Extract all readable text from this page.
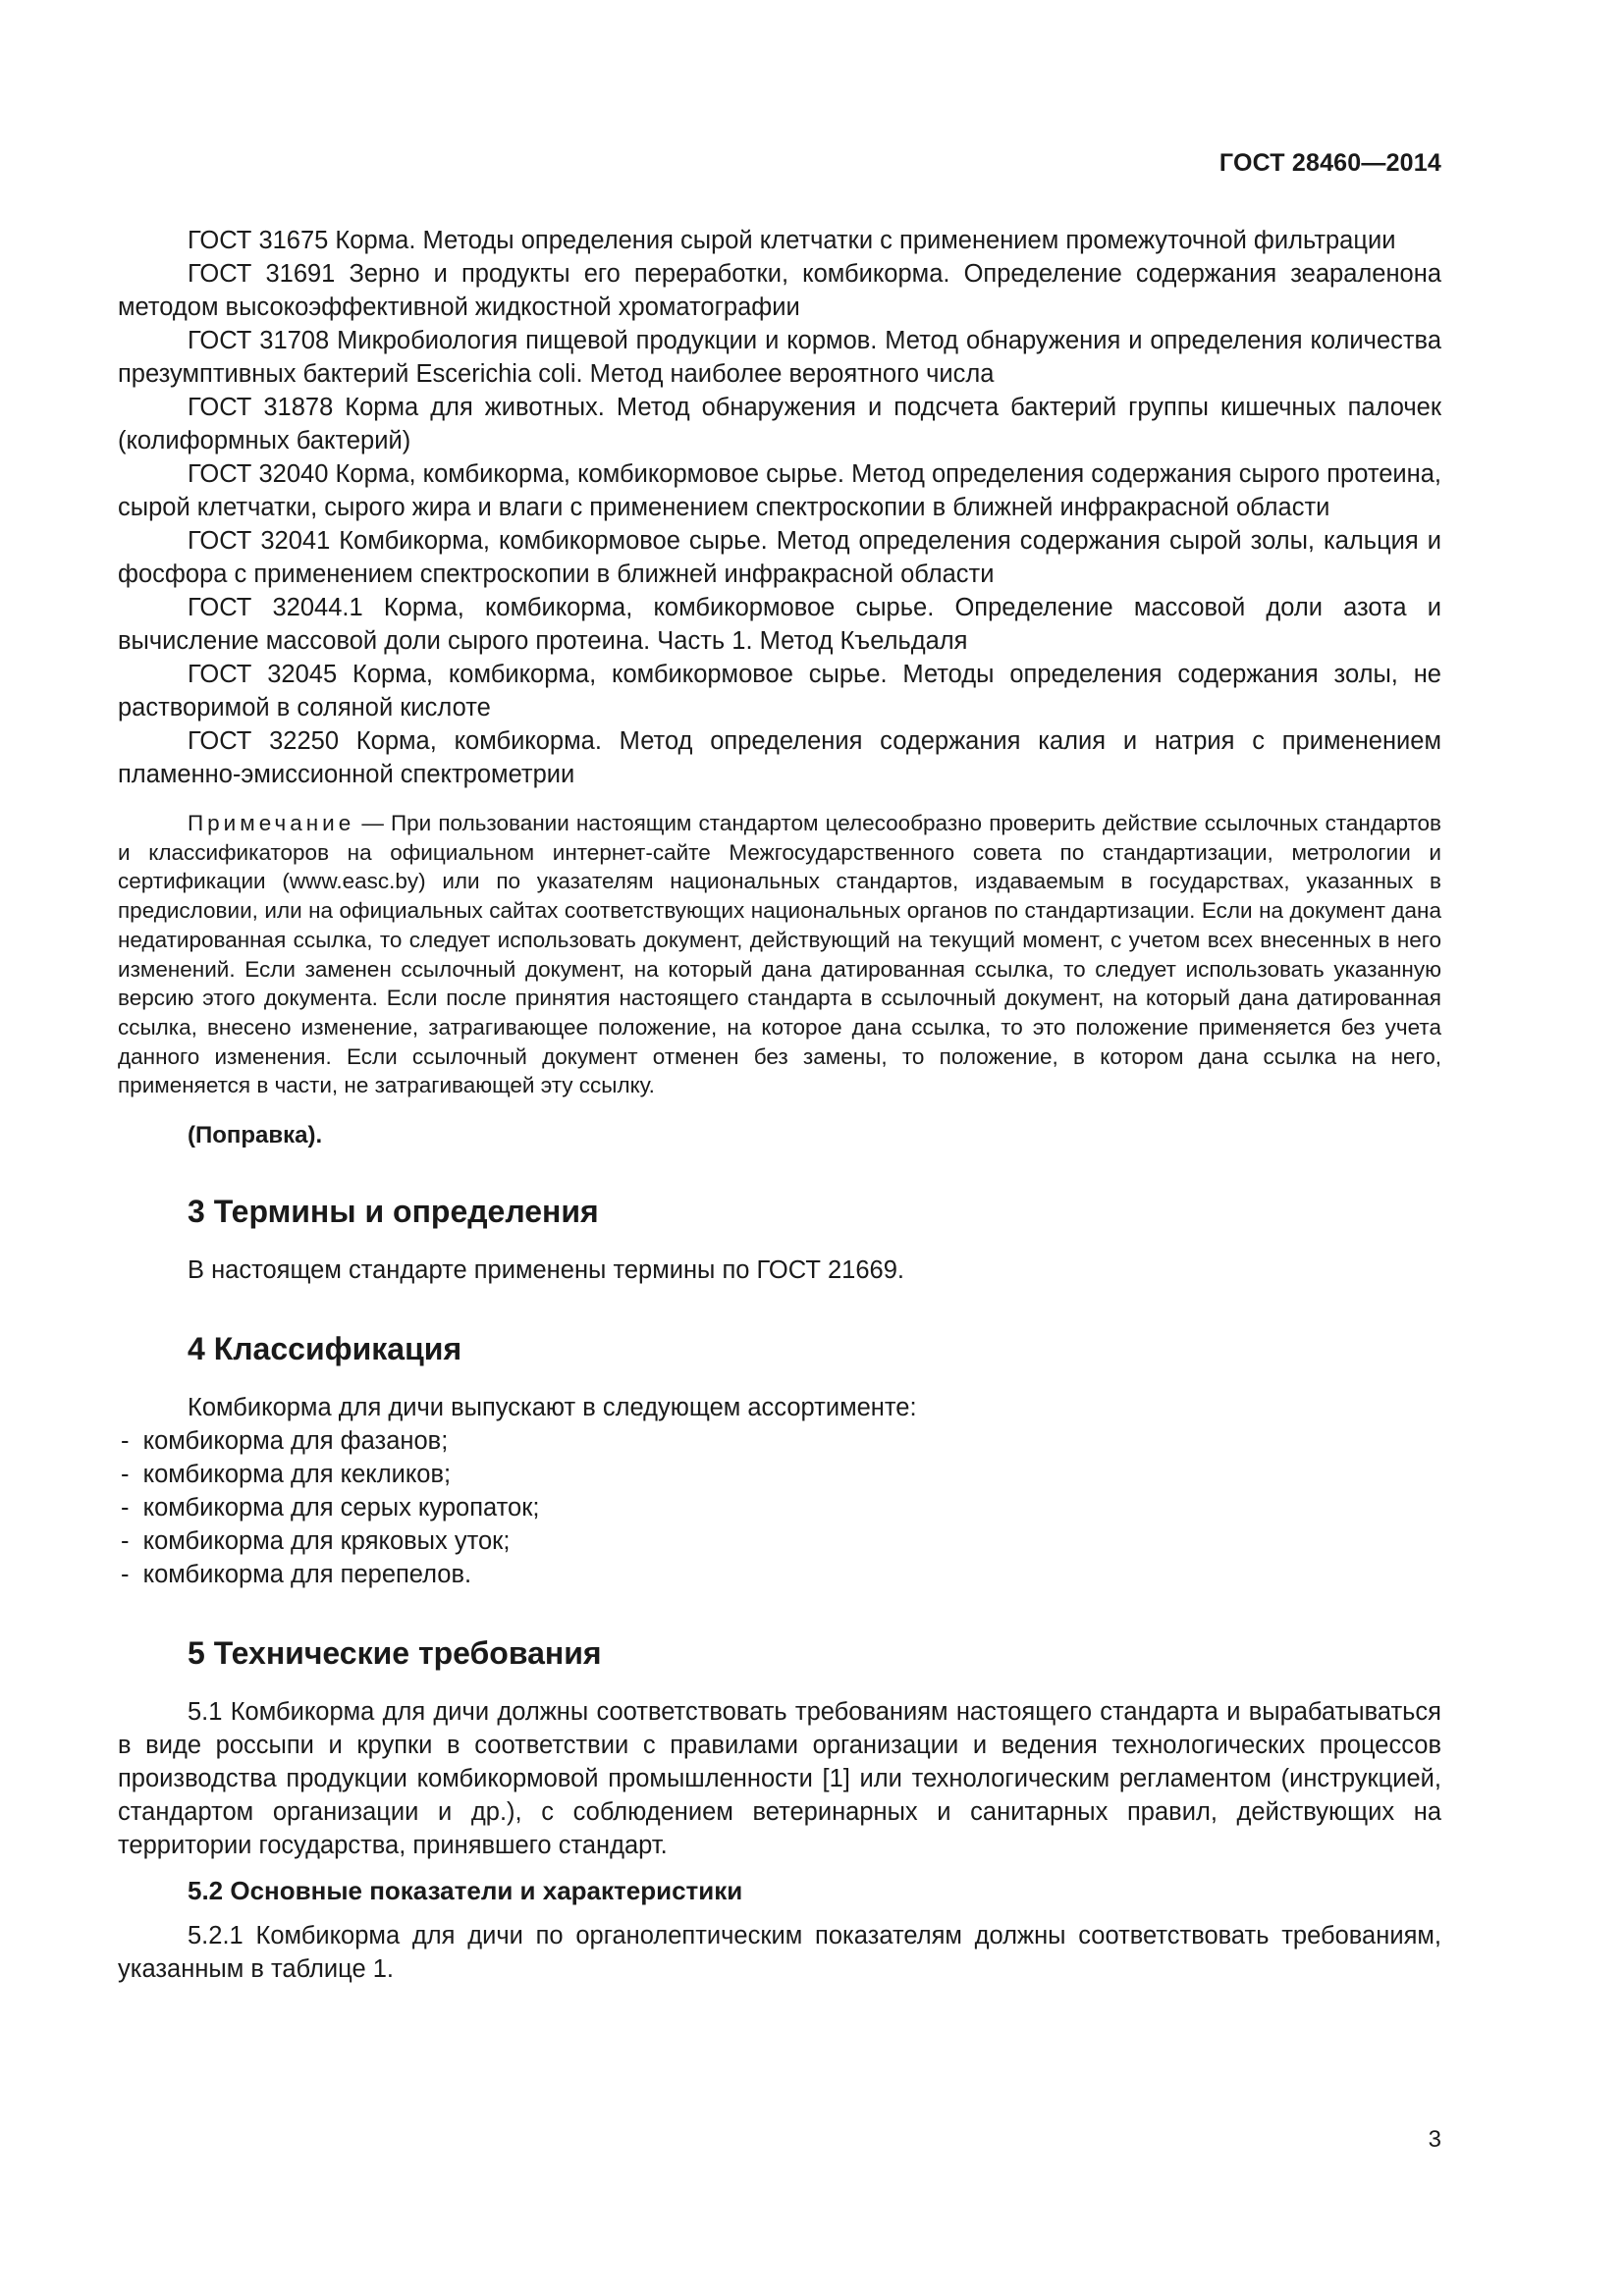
ГОСТ 28460—2014

ГОСТ 31675 Корма. Методы определения сырой клетчатки с применением промежуточной фильтрации

ГОСТ 31691 Зерно и продукты его переработки, комбикорма. Определение содержания зеараленона методом высокоэффективной жидкостной хроматографии

ГОСТ 31708 Микробиология пищевой продукции и кормов. Метод обнаружения и определения количества презумптивных бактерий Escerichia coli. Метод наиболее вероятного числа

ГОСТ 31878 Корма для животных. Метод обнаружения и подсчета бактерий группы кишечных палочек (колиформных бактерий)

ГОСТ 32040 Корма, комбикорма, комбикормовое сырье. Метод определения содержания сырого протеина, сырой клетчатки, сырого жира и влаги с применением спектроскопии в ближней инфракрасной области

ГОСТ 32041 Комбикорма, комбикормовое сырье. Метод определения содержания сырой золы, кальция и фосфора с применением спектроскопии в ближней инфракрасной области

ГОСТ 32044.1 Корма, комбикорма, комбикормовое сырье. Определение массовой доли азота и вычисление массовой доли сырого протеина. Часть 1. Метод Къельдаля

ГОСТ 32045 Корма, комбикорма, комбикормовое сырье. Методы определения содержания золы, не растворимой в соляной кислоте

ГОСТ 32250 Корма, комбикорма. Метод определения содержания калия и натрия с применением пламенно-эмиссионной спектрометрии

Примечание — При пользовании настоящим стандартом целесообразно проверить действие ссылочных стандартов и классификаторов на официальном интернет-сайте Межгосударственного совета по стандартизации, метрологии и сертификации (www.easc.by) или по указателям национальных стандартов, издаваемым в государствах, указанных в предисловии, или на официальных сайтах соответствующих национальных органов по стандартизации. Если на документ дана недатированная ссылка, то следует использовать документ, действующий на текущий момент, с учетом всех внесенных в него изменений. Если заменен ссылочный документ, на который дана датированная ссылка, то следует использовать указанную версию этого документа. Если после принятия настоящего стандарта в ссылочный документ, на который дана датированная ссылка, внесено изменение, затрагивающее положение, на которое дана ссылка, то это положение применяется без учета данного изменения. Если ссылочный документ отменен без замены, то положение, в котором дана ссылка на него, применяется в части, не затрагивающей эту ссылку.

(Поправка).
3 Термины и определения

В настоящем стандарте применены термины по ГОСТ 21669.

4 Классификация

Комбикорма для дичи выпускают в следующем ассортименте:

- комбикорма для фазанов;
- комбикорма для кекликов;
- комбикорма для серых куропаток;
- комбикорма для кряковых уток;
- комбикорма для перепелов.
5 Технические требования

5.1 Комбикорма для дичи должны соответствовать требованиям настоящего стандарта и вырабатываться в виде россыпи и крупки в соответствии с правилами организации и ведения технологических процессов производства продукции комбикормовой промышленности [1] или технологическим регламентом (инструкцией, стандартом организации и др.), с соблюдением ветеринарных и санитарных правил, действующих на территории государства, принявшего стандарт.

5.2 Основные показатели и характеристики

5.2.1 Комбикорма для дичи по органолептическим показателям должны соответствовать требованиям, указанным в таблице 1.

3
